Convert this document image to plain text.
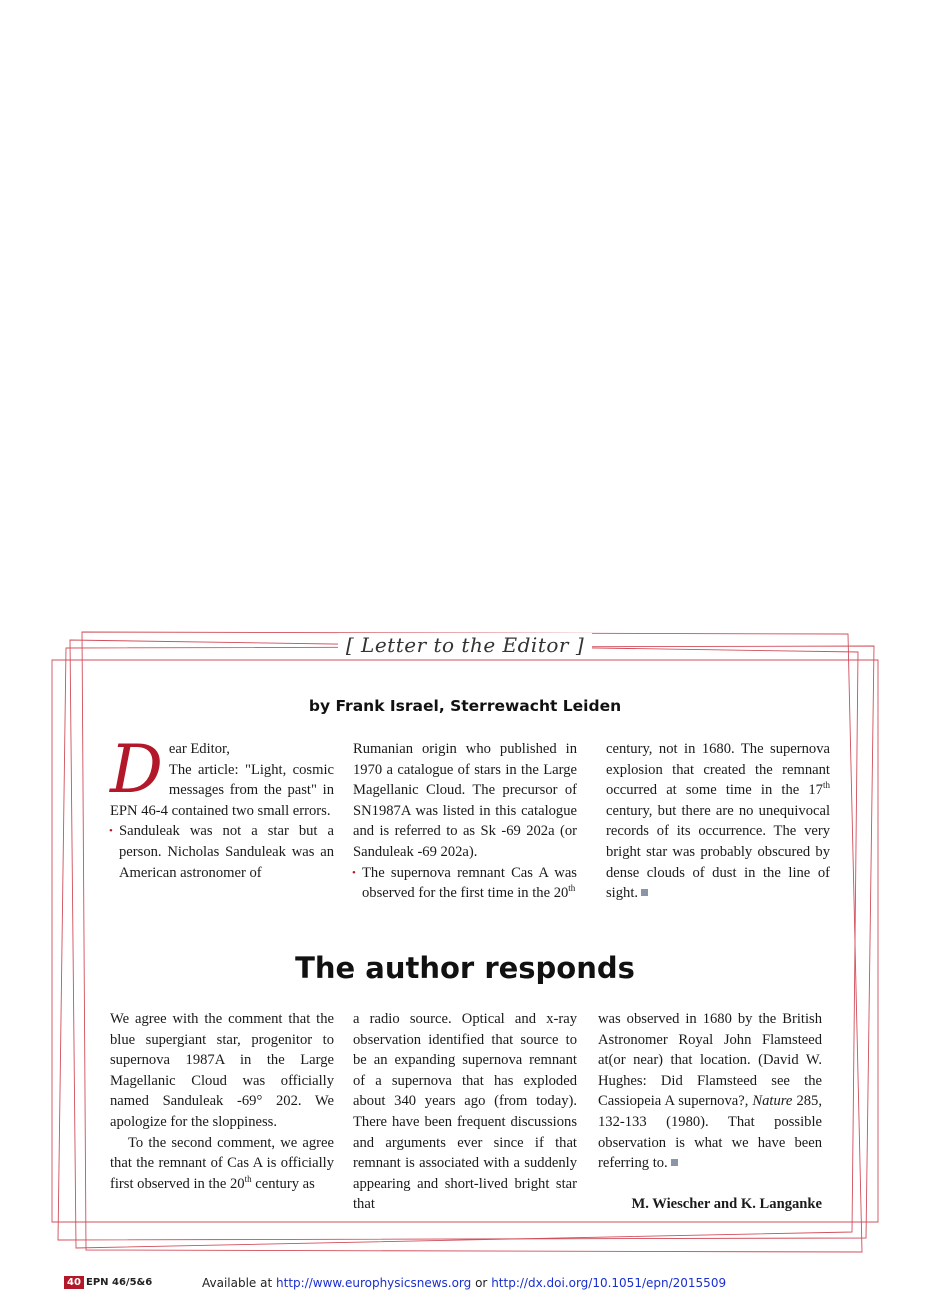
[ Letter to the Editor ]
by Frank Israel, Sterrewacht Leiden

D ear Editor,
The article: "Light, cosmic messages from the past" in EPN 46-4 contained two small errors.

• Sanduleak was not a star but a person. Nicholas Sanduleak was an American astronomer of

Rumanian origin who published in 1970 a catalogue of stars in the Large Magellanic Cloud. The precursor of SN1987A was listed in this catalogue and is referred to as Sk -69 202a (or Sanduleak -69 202a).

• The supernova remnant Cas A was observed for the first time in the 20th

century, not in 1680. The supernova explosion that created the remnant occurred at some time in the 17th century, but there are no unequivocal records of its occurrence. The very bright star was probably obscured by dense clouds of dust in the line of sight.

The author responds

We agree with the comment that the blue supergiant star, progenitor to supernova 1987A in the Large Magellanic Cloud was officially named Sanduleak -69° 202. We apologize for the sloppiness.

To the second comment, we agree that the remnant of Cas A is officially first observed in the 20th century as

a radio source. Optical and x-ray observation identified that source to be an expanding supernova remnant of a supernova that has exploded about 340 years ago (from today). There have been frequent discussions and arguments ever since if that remnant is associated with a suddenly appearing and short-lived bright star that

was observed in 1680 by the British Astronomer Royal John Flamsteed at(or near) that location. (David W. Hughes: Did Flamsteed see the Cassiopeia A supernova?, Nature 285, 132-133 (1980). That possible observation is what we have been referring to.

M. Wiescher and K. Langanke

40 EPN 46/5&6	Available at http://www.europhysicsnews.org or http://dx.doi.org/10.1051/epn/2015509
